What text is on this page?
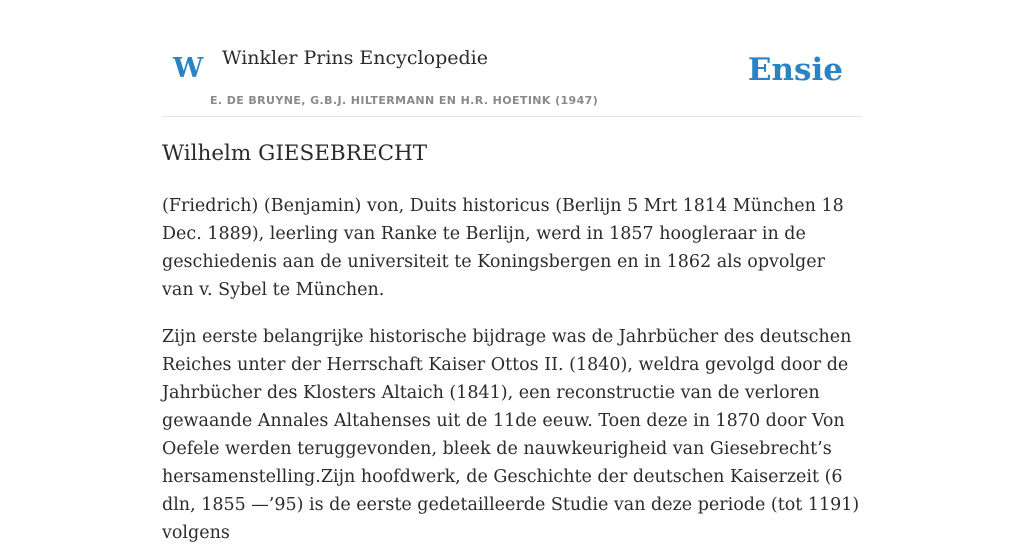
W Winkler Prins Encyclopedie
E. DE BRUYNE, G.B.J. HILTERMANN EN H.R. HOETINK (1947)
Ensie
Wilhelm GIESEBRECHT

(Friedrich) (Benjamin) von, Duits historicus (Berlijn 5 Mrt 1814 München 18 Dec. 1889), leerling van Ranke te Berlijn, werd in 1857 hoogleraar in de geschiedenis aan de universiteit te Koningsbergen en in 1862 als opvolger van v. Sybel te München.

Zijn eerste belangrijke historische bijdrage was de Jahrbücher des deutschen Reiches unter der Herrschaft Kaiser Ottos II. (1840), weldra gevolgd door de Jahrbücher des Klosters Altaich (1841), een reconstructie van de verloren gewaande Annales Altahenses uit de 11de eeuw. Toen deze in 1870 door Von Oefele werden teruggevonden, bleek de nauwkeurigheid van Giesebrecht’s hersamenstelling.Zijn hoofdwerk, de Geschichte der deutschen Kaiserzeit (6 dln, 1855 —’95) is de eerste gedetailleerde Studie van deze periode (tot 1191) volgens
